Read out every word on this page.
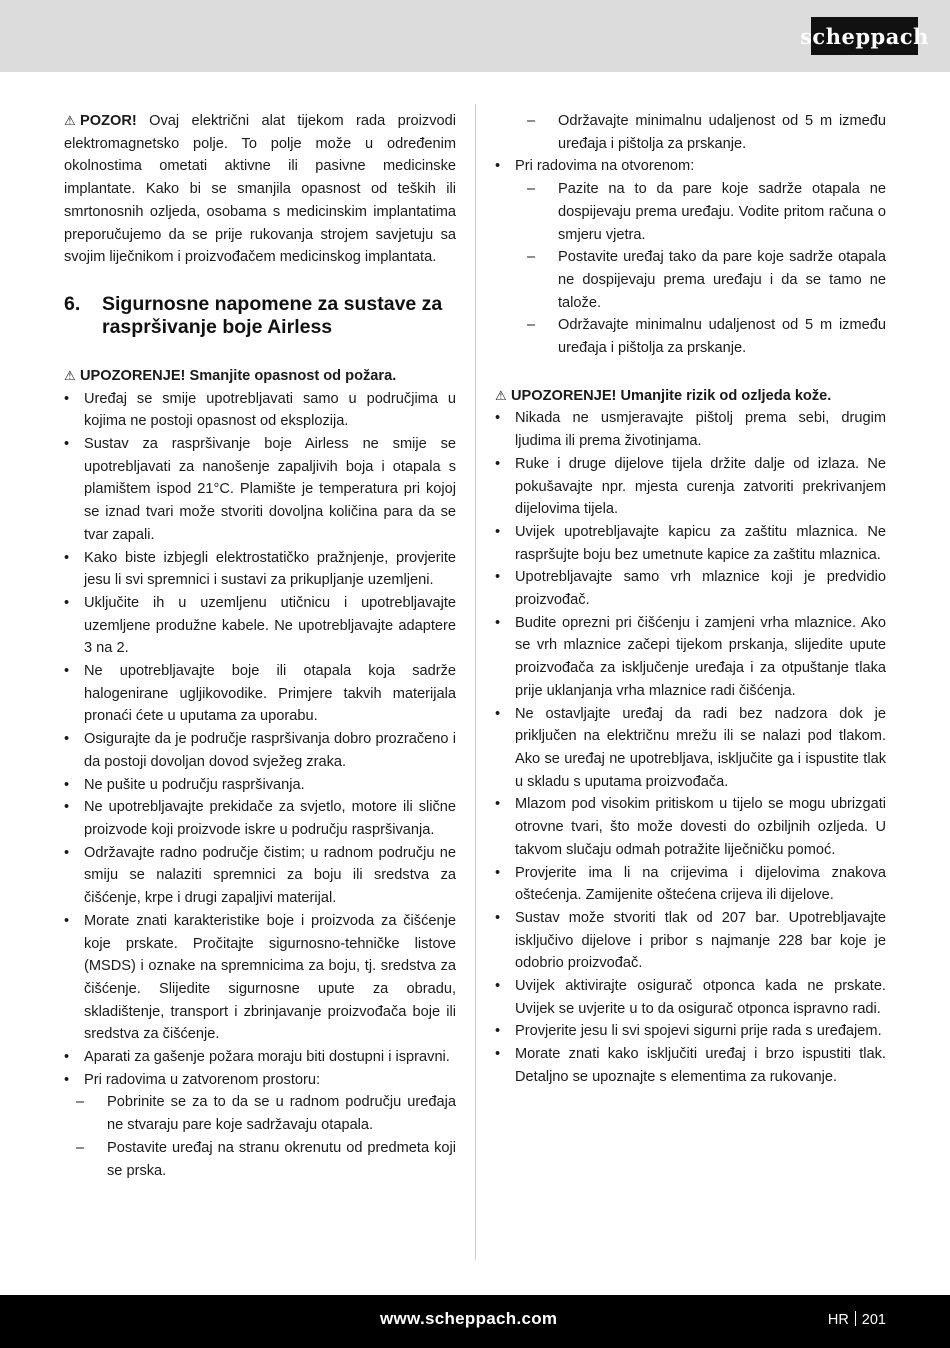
scheppach
⚠ POZOR! Ovaj električni alat tijekom rada proizvodi elektromagnetsko polje. To polje može u određenim okolnostima ometati aktivne ili pasivne medicinske implantate. Kako bi se smanjila opasnost od teških ili smrtonosnih ozljeda, osobama s medicinskim implantatima preporučujemo da se prije rukovanja strojem savjetuju sa svojim liječnikom i proizvođačem medicinskog implantata.
6.	Sigurnosne napomene za sustave za raspršivanje boje Airless
⚠ UPOZORENJE! Smanjite opasnost od požara.
• Uređaj se smije upotrebljavati samo u područjima u kojima ne postoji opasnost od eksplozija.
• Sustav za raspršivanje boje Airless ne smije se upotrebljavati za nanošenje zapaljivih boja i otapala s plamištem ispod 21°C. Plamište je temperatura pri kojoj se iznad tvari može stvoriti dovoljna količina para da se tvar zapali.
• Kako biste izbjegli elektrostatičko pražnjenje, provjerite jesu li svi spremnici i sustavi za prikupljanje uzemljeni.
• Uključite ih u uzemljenu utičnicu i upotrebljavajte uzemljene produžne kabele. Ne upotrebljavajte adaptere 3 na 2.
• Ne upotrebljavajte boje ili otapala koja sadrže halogenirane ugljikovodike. Primjere takvih materijala pronaći ćete u uputama za uporabu.
• Osigurajte da je područje raspršivanja dobro prozračeno i da postoji dovoljan dovod svježeg zraka.
• Ne pušite u području raspršivanja.
• Ne upotrebljavajte prekidače za svjetlo, motore ili slične proizvode koji proizvode iskre u području raspršivanja.
• Održavajte radno područje čistim; u radnom području ne smiju se nalaziti spremnici za boju ili sredstva za čišćenje, krpe i drugi zapaljivi materijal.
• Morate znati karakteristike boje i proizvoda za čišćenje koje prskate. Pročitajte sigurnosno-tehničke listove (MSDS) i oznake na spremnicima za boju, tj. sredstva za čišćenje. Slijedite sigurnosne upute za obradu, skladištenje, transport i zbrinjavanje proizvođača boje ili sredstva za čišćenje.
• Aparati za gašenje požara moraju biti dostupni i ispravni.
• Pri radovima u zatvorenom prostoru:
– Pobrinite se za to da se u radnom području uređaja ne stvaraju pare koje sadržavaju otapala.
– Postavite uređaj na stranu okrenutu od predmeta koji se prska.
– Održavajte minimalnu udaljenost od 5 m između uređaja i pištolja za prskanje.
• Pri radovima na otvorenom:
– Pazite na to da pare koje sadrže otapala ne dospijevaju prema uređaju. Vodite pritom računa o smjeru vjetra.
– Postavite uređaj tako da pare koje sadrže otapala ne dospijevaju prema uređaju i da se tamo ne talože.
– Održavajte minimalnu udaljenost od 5 m između uređaja i pištolja za prskanje.
⚠ UPOZORENJE! Umanjite rizik od ozljeda kože.
• Nikada ne usmjeravajte pištolj prema sebi, drugim ljudima ili prema životinjama.
• Ruke i druge dijelove tijela držite dalje od izlaza. Ne pokušavajte npr. mjesta curenja zatvoriti prekrivanjem dijelovima tijela.
• Uvijek upotrebljavajte kapicu za zaštitu mlaznica. Ne raspršujte boju bez umetnute kapice za zaštitu mlaznica.
• Upotrebljavajte samo vrh mlaznice koji je predvidio proizvođač.
• Budite oprezni pri čišćenju i zamjeni vrha mlaznice. Ako se vrh mlaznice začepi tijekom prskanja, slijedite upute proizvođača za isključenje uređaja i za otpuštanje tlaka prije uklanjanja vrha mlaznice radi čišćenja.
• Ne ostavljajte uređaj da radi bez nadzora dok je priključen na električnu mrežu ili se nalazi pod tlakom. Ako se uređaj ne upotrebljava, isključite ga i ispustite tlak u skladu s uputama proizvođača.
• Mlazom pod visokim pritiskom u tijelo se mogu ubrizgati otrovne tvari, što može dovesti do ozbiljnih ozljeda. U takvom slučaju odmah potražite liječničku pomoć.
• Provjerite ima li na crijevima i dijelovima znakova oštećenja. Zamijenite oštećena crijeva ili dijelove.
• Sustav može stvoriti tlak od 207 bar. Upotrebljavajte isključivo dijelove i pribor s najmanje 228 bar koje je odobrio proizvođač.
• Uvijek aktivirajte osigurač otponca kada ne prskate. Uvijek se uvjerite u to da osigurač otponca ispravno radi.
• Provjerite jesu li svi spojevi sigurni prije rada s uređajem.
• Morate znati kako isključiti uređaj i brzo ispustiti tlak. Detaljno se upoznajte s elementima za rukovanje.
www.scheppach.com	HR 201
